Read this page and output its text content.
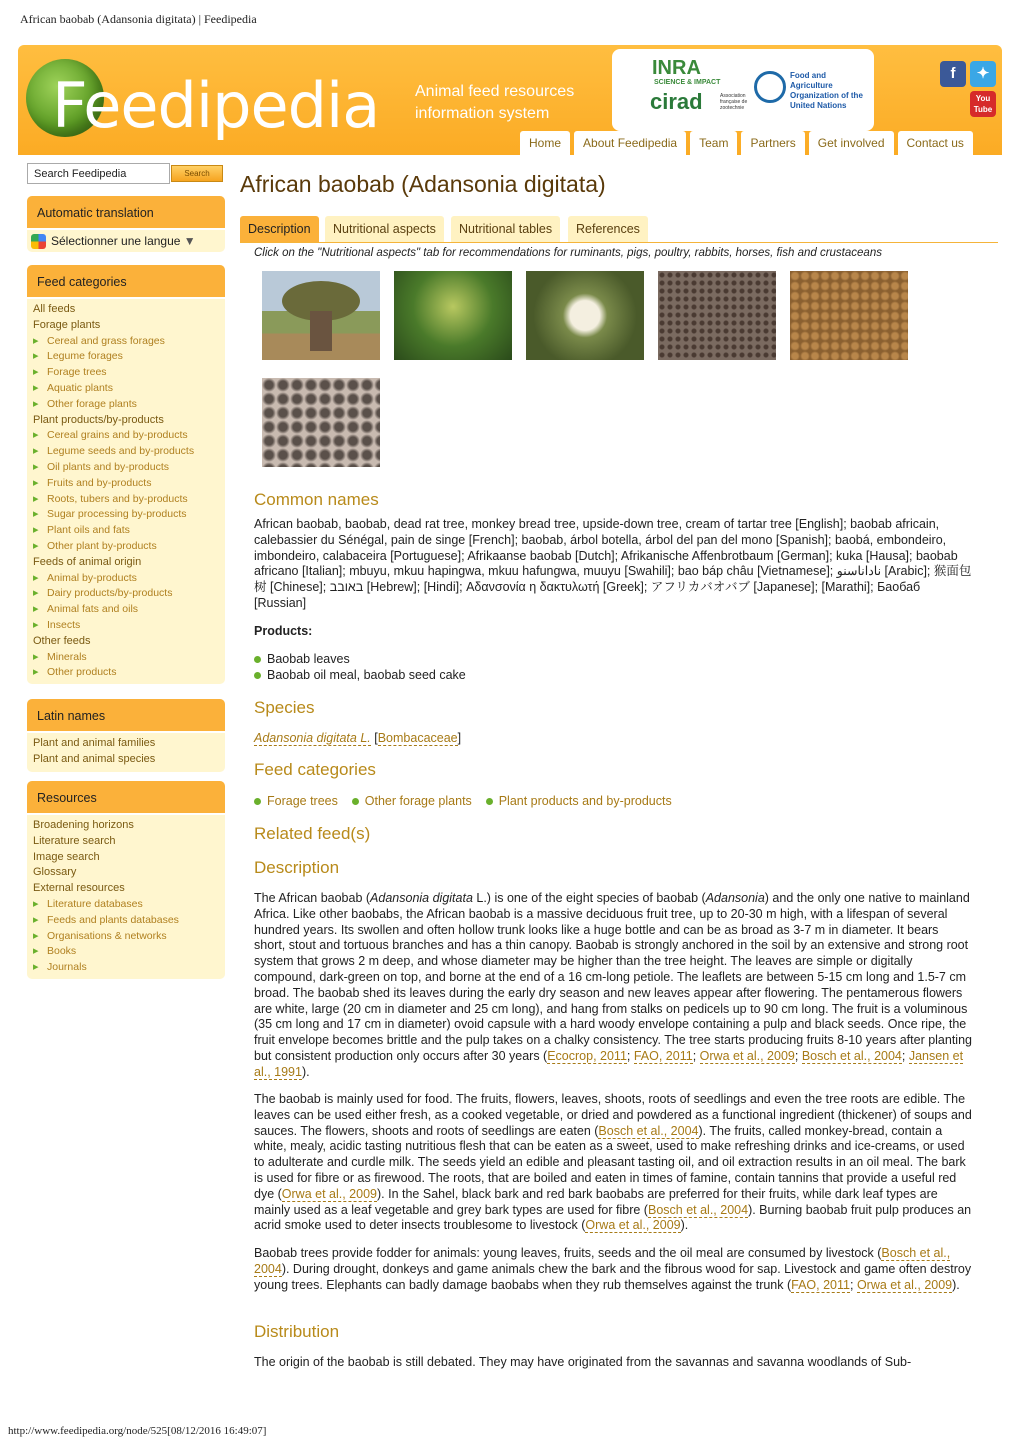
African baobab (Adansonia digitata) | Feedipedia
Feedipedia Animal feed resources
information system
INRA
SCIENCE & IMPACT
cirad	Association française de zootechnie
Food and Agriculture Organization of the United Nations
f	✦
You Tube
Home	About Feedipedia	Team	Partners	Get involved	Contact us
Search Feedipedia
Search
Automatic translation
Sélectionner une langue ▼
Feed categories
All feeds
Forage plants
▸ Cereal and grass forages
▸ Legume forages
▸ Forage trees
▸ Aquatic plants
▸ Other forage plants
Plant products/by-products
▸ Cereal grains and by-products
▸ Legume seeds and by-products
▸ Oil plants and by-products
▸ Fruits and by-products
▸ Roots, tubers and by-products
▸ Sugar processing by-products
▸ Plant oils and fats
▸ Other plant by-products
Feeds of animal origin
▸ Animal by-products
▸ Dairy products/by-products
▸ Animal fats and oils
▸ Insects
Other feeds
▸ Minerals
▸ Other products
Latin names
Plant and animal families
Plant and animal species
Resources
Broadening horizons
Literature search
Image search
Glossary
External resources
▸ Literature databases
▸ Feeds and plants databases
▸ Organisations & networks
▸ Books
▸ Journals
African baobab (Adansonia digitata)
Description	Nutritional aspects	Nutritional tables	References
Click on the "Nutritional aspects" tab for recommendations for ruminants, pigs, poultry, rabbits, horses, fish and crustaceans
Common names
African baobab, baobab, dead rat tree, monkey bread tree, upside-down tree, cream of tartar tree [English]; baobab africain, calebassier du Sénégal, pain de singe [French]; baobab, árbol botella, árbol del pan del mono [Spanish]; baobá, embondeiro, imbondeiro, calabaceira [Portuguese]; Afrikaanse baobab [Dutch]; Afrikanische Affenbrotbaum [German]; kuka [Hausa]; baobab africano [Italian]; mbuyu, mkuu hapingwa, mkuu hafungwa, muuyu [Swahili]; bao báp châu [Vietnamese]; ناداناسنو [Arabic]; 猴面包树 [Chinese]; באובב [Hebrew]; [Hindi]; Αδανσονία η δακτυλωτή [Greek]; アフリカバオバブ [Japanese]; [Marathi]; Баобаб [Russian]
Products:
Baobab leaves
Baobab oil meal, baobab seed cake
Species
Adansonia digitata L. [Bombacaceae]
Feed categories
Forage trees Other forage plants Plant products and by-products
Related feed(s)
Description
The African baobab (Adansonia digitata L.) is one of the eight species of baobab (Adansonia) and the only one native to mainland Africa. Like other baobabs, the African baobab is a massive deciduous fruit tree, up to 20-30 m high, with a lifespan of several hundred years. Its swollen and often hollow trunk looks like a huge bottle and can be as broad as 3-7 m in diameter. It bears short, stout and tortuous branches and has a thin canopy. Baobab is strongly anchored in the soil by an extensive and strong root system that grows 2 m deep, and whose diameter may be higher than the tree height. The leaves are simple or digitally compound, dark-green on top, and borne at the end of a 16 cm-long petiole. The leaflets are between 5-15 cm long and 1.5-7 cm broad. The baobab shed its leaves during the early dry season and new leaves appear after flowering. The pentamerous flowers are white, large (20 cm in diameter and 25 cm long), and hang from stalks on pedicels up to 90 cm long. The fruit is a voluminous (35 cm long and 17 cm in diameter) ovoid capsule with a hard woody envelope containing a pulp and black seeds. Once ripe, the fruit envelope becomes brittle and the pulp takes on a chalky consistency. The tree starts producing fruits 8-10 years after planting but consistent production only occurs after 30 years (Ecocrop, 2011; FAO, 2011; Orwa et al., 2009; Bosch et al., 2004; Jansen et al., 1991).
The baobab is mainly used for food. The fruits, flowers, leaves, shoots, roots of seedlings and even the tree roots are edible. The leaves can be used either fresh, as a cooked vegetable, or dried and powdered as a functional ingredient (thickener) of soups and sauces. The flowers, shoots and roots of seedlings are eaten (Bosch et al., 2004). The fruits, called monkey-bread, contain a white, mealy, acidic tasting nutritious flesh that can be eaten as a sweet, used to make refreshing drinks and ice-creams, or used to adulterate and curdle milk. The seeds yield an edible and pleasant tasting oil, and oil extraction results in an oil meal. The bark is used for fibre or as firewood. The roots, that are boiled and eaten in times of famine, contain tannins that provide a useful red dye (Orwa et al., 2009). In the Sahel, black bark and red bark baobabs are preferred for their fruits, while dark leaf types are mainly used as a leaf vegetable and grey bark types are used for fibre (Bosch et al., 2004). Burning baobab fruit pulp produces an acrid smoke used to deter insects troublesome to livestock (Orwa et al., 2009).
Baobab trees provide fodder for animals: young leaves, fruits, seeds and the oil meal are consumed by livestock (Bosch et al., 2004). During drought, donkeys and game animals chew the bark and the fibrous wood for sap. Livestock and game often destroy young trees. Elephants can badly damage baobabs when they rub themselves against the trunk (FAO, 2011; Orwa et al., 2009).
Distribution
The origin of the baobab is still debated. They may have originated from the savannas and savanna woodlands of Sub-
http://www.feedipedia.org/node/525[08/12/2016 16:49:07]
